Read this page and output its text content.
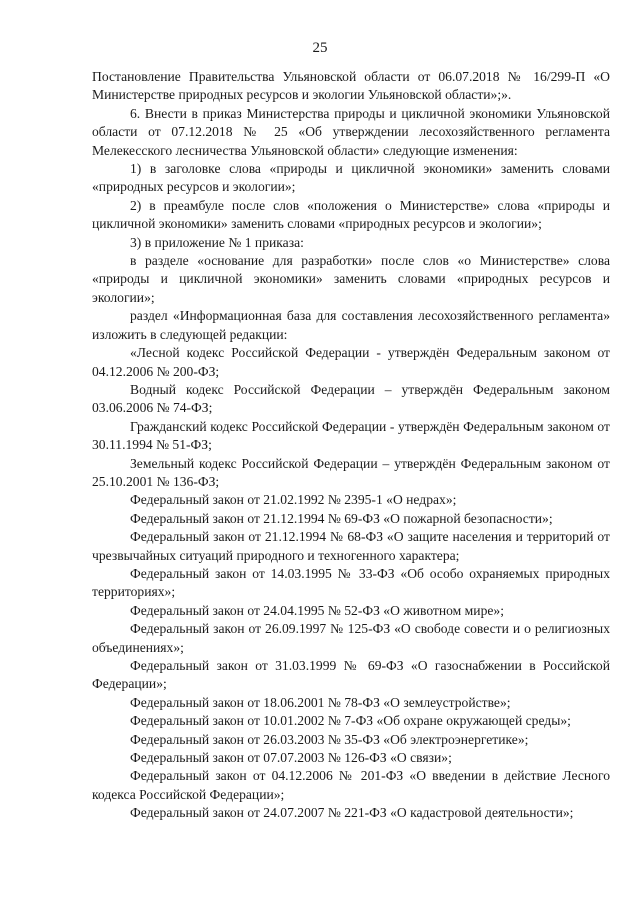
25

Постановление Правительства Ульяновской области от 06.07.2018 № 16/299-П «О Министерстве природных ресурсов и экологии Ульяновской области»;».

6. Внести в приказ Министерства природы и цикличной экономики Ульяновской области от 07.12.2018 № 25 «Об утверждении лесохозяйственного регламента Мелекесского лесничества Ульяновской области» следующие изменения:

1) в заголовке слова «природы и цикличной экономики» заменить словами «природных ресурсов и экологии»;

2) в преамбуле после слов «положения о Министерстве» слова «природы и цикличной экономики» заменить словами «природных ресурсов и экологии»;

3) в приложение № 1 приказа:

в разделе «основание для разработки» после слов «о Министерстве» слова «природы и цикличной экономики» заменить словами «природных ресурсов и экологии»;

раздел «Информационная база для составления лесохозяйственного регламента» изложить в следующей редакции:

«Лесной кодекс Российской Федерации - утверждён Федеральным законом от 04.12.2006 № 200-ФЗ;

Водный кодекс Российской Федерации – утверждён Федеральным законом 03.06.2006 № 74-ФЗ;

Гражданский кодекс Российской Федерации - утверждён Федеральным законом от 30.11.1994 № 51-ФЗ;

Земельный кодекс Российской Федерации – утверждён Федеральным законом от 25.10.2001 № 136-ФЗ;

Федеральный закон от 21.02.1992 № 2395-1 «О недрах»;

Федеральный закон от 21.12.1994 № 69-ФЗ «О пожарной безопасности»;

Федеральный закон от 21.12.1994 № 68-ФЗ «О защите населения и территорий от чрезвычайных ситуаций природного и техногенного характера;

Федеральный закон от 14.03.1995 № 33-ФЗ «Об особо охраняемых природных территориях»;

Федеральный закон от 24.04.1995 № 52-ФЗ «О животном мире»;

Федеральный закон от 26.09.1997 № 125-ФЗ «О свободе совести и о религиозных объединениях»;

Федеральный закон от 31.03.1999 № 69-ФЗ «О газоснабжении в Российской Федерации»;

Федеральный закон от 18.06.2001 № 78-ФЗ «О землеустройстве»;

Федеральный закон от 10.01.2002 № 7-ФЗ «Об охране окружающей среды»;

Федеральный закон от 26.03.2003 № 35-ФЗ «Об электроэнергетике»;

Федеральный закон от 07.07.2003 № 126-ФЗ «О связи»;

Федеральный закон от 04.12.2006 № 201-ФЗ «О введении в действие Лесного кодекса Российской Федерации»;

Федеральный закон от 24.07.2007 № 221-ФЗ «О кадастровой деятельности»;
